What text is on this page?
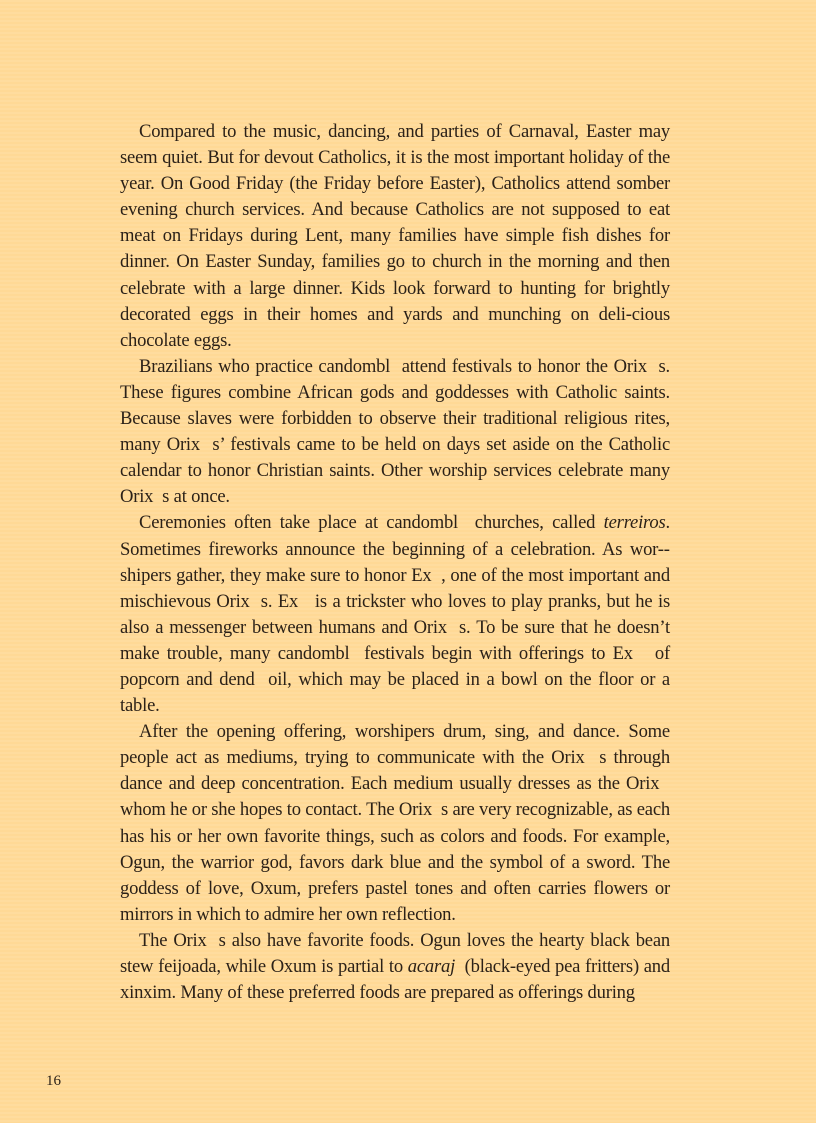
Compared to the music, dancing, and parties of Carnaval, Easter may seem quiet. But for devout Catholics, it is the most important holiday of the year. On Good Friday (the Friday before Easter), Catholics attend somber evening church services. And because Catholics are not supposed to eat meat on Fridays during Lent, many families have simple fish dishes for dinner. On Easter Sunday, families go to church in the morning and then celebrate with a large dinner. Kids look forward to hunting for brightly decorated eggs in their homes and yards and munching on deli-cious chocolate eggs.

Brazilians who practice candombl  attend festivals to honor the Orix  s. These figures combine African gods and goddesses with Catholic saints. Because slaves were forbidden to observe their traditional religious rites, many Orix  s’ festivals came to be held on days set aside on the Catholic calendar to honor Christian saints. Other worship services celebrate many Orix  s at once.

Ceremonies often take place at candombl  churches, called terreiros. Sometimes fireworks announce the beginning of a celebration. As wor-shipers gather, they make sure to honor Ex  , one of the most important and mischievous Orix  s. Ex   is a trickster who loves to play pranks, but he is also a messenger between humans and Orix  s. To be sure that he doesn’t make trouble, many candombl  festivals begin with offerings to Ex   of popcorn and dend  oil, which may be placed in a bowl on the floor or a table.

After the opening offering, worshipers drum, sing, and dance. Some people act as mediums, trying to communicate with the Orix  s through dance and deep concentration. Each medium usually dresses as the Orix   whom he or she hopes to contact. The Orix  s are very recognizable, as each has his or her own favorite things, such as colors and foods. For example, Ogun, the warrior god, favors dark blue and the symbol of a sword. The goddess of love, Oxum, prefers pastel tones and often carries flowers or mirrors in which to admire her own reflection.

The Orix  s also have favorite foods. Ogun loves the hearty black bean stew feijoada, while Oxum is partial to acaraj  (black-eyed pea fritters) and xinxim. Many of these preferred foods are prepared as offerings during

16
